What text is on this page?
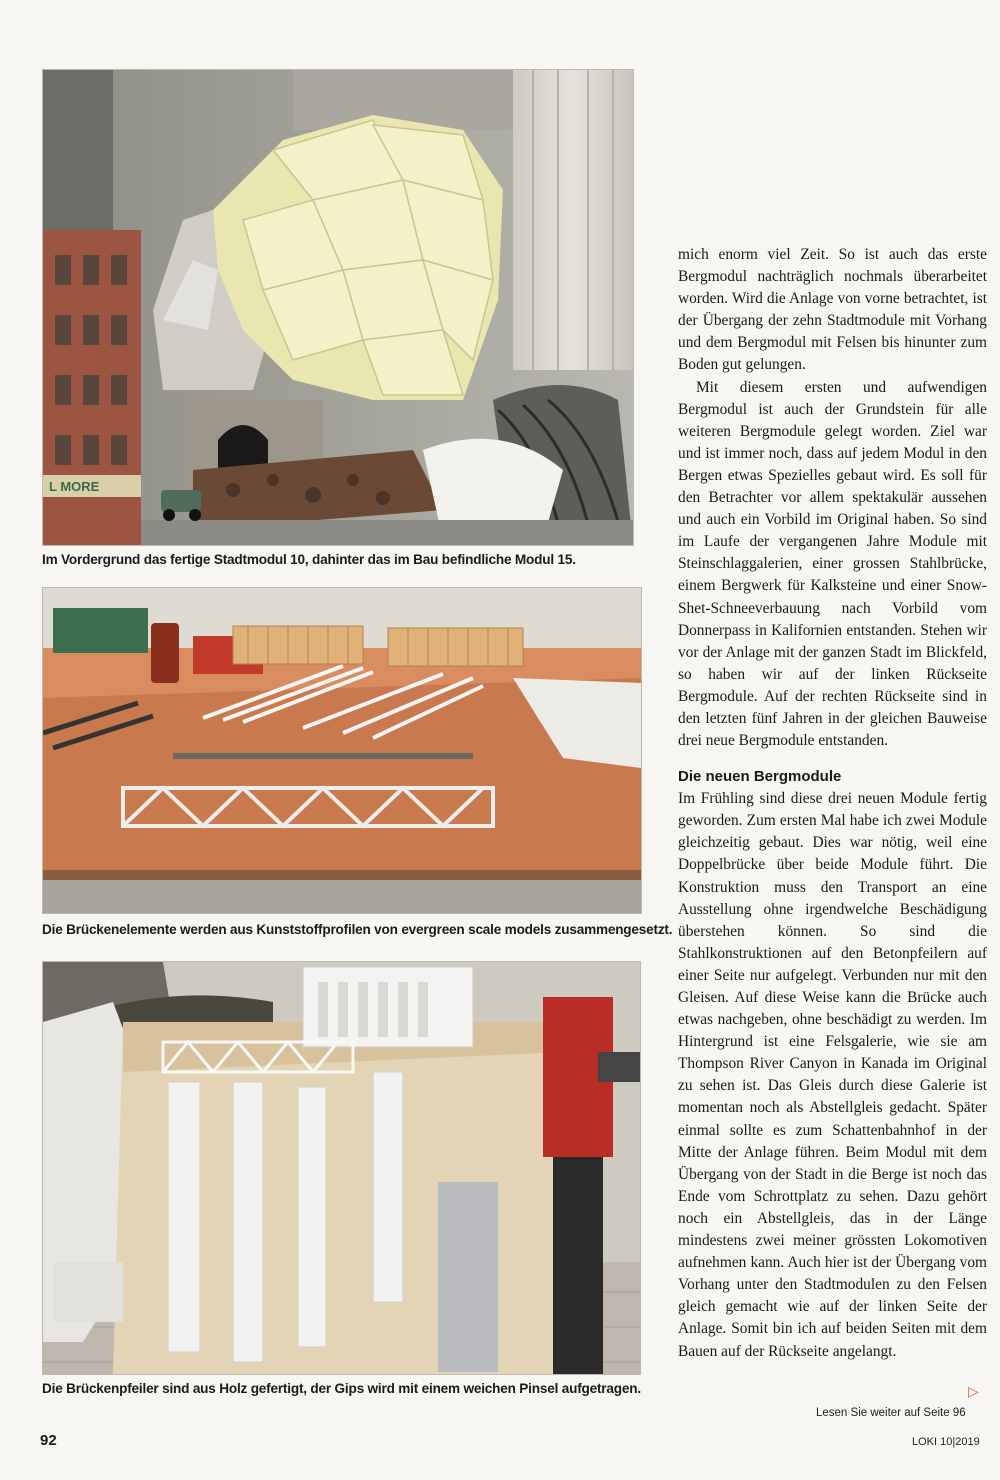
L MORE
Im Vordergrund das fertige Stadtmodul 10, dahinter das im Bau befindliche Modul 15.
Die Brückenelemente werden aus Kunststoffprofilen von evergreen scale models zusammengesetzt.
Die Brückenpfeiler sind aus Holz gefertigt, der Gips wird mit einem weichen Pinsel aufgetragen.

mich enorm viel Zeit. So ist auch das erste Bergmodul nachträglich nochmals überarbeitet worden. Wird die Anlage von vorne betrachtet, ist der Übergang der zehn Stadtmodule mit Vorhang und dem Bergmodul mit Felsen bis hinunter zum Boden gut gelungen.

Mit diesem ersten und aufwendigen Bergmodul ist auch der Grundstein für alle weiteren Bergmodule gelegt worden. Ziel war und ist immer noch, dass auf jedem Modul in den Bergen etwas Spezielles gebaut wird. Es soll für den Betrachter vor allem spektakulär aussehen und auch ein Vorbild im Original haben. So sind im Laufe der vergangenen Jahre Module mit Steinschlaggalerien, einer grossen Stahlbrücke, einem Bergwerk für Kalksteine und einer Snow-Shet-Schneeverbauung nach Vorbild vom Donnerpass in Kalifornien entstanden. Stehen wir vor der Anlage mit der ganzen Stadt im Blickfeld, so haben wir auf der linken Rückseite Bergmodule. Auf der rechten Rückseite sind in den letzten fünf Jahren in der gleichen Bauweise drei neue Bergmodule entstanden.

Die neuen Bergmodule

Im Frühling sind diese drei neuen Module fertig geworden. Zum ersten Mal habe ich zwei Module gleichzeitig gebaut. Dies war nötig, weil eine Doppelbrücke über beide Module führt. Die Konstruktion muss den Transport an eine Ausstellung ohne irgendwelche Beschädigung überstehen können. So sind die Stahlkonstruktionen auf den Betonpfeilern auf einer Seite nur aufgelegt. Verbunden nur mit den Gleisen. Auf diese Weise kann die Brücke auch etwas nachgeben, ohne beschädigt zu werden. Im Hintergrund ist eine Felsgalerie, wie sie am Thompson River Canyon in Kanada im Original zu sehen ist. Das Gleis durch diese Galerie ist momentan noch als Abstellgleis gedacht. Später einmal sollte es zum Schattenbahnhof in der Mitte der Anlage führen. Beim Modul mit dem Übergang von der Stadt in die Berge ist noch das Ende vom Schrottplatz zu sehen. Dazu gehört noch ein Abstellgleis, das in der Länge mindestens zwei meiner grössten Lokomotiven aufnehmen kann. Auch hier ist der Übergang vom Vorhang unter den Stadtmodulen zu den Felsen gleich gemacht wie auf der linken Seite der Anlage. Somit bin ich auf beiden Seiten mit dem Bauen auf der Rückseite angelangt.

▷
Lesen Sie weiter auf Seite 96
92	LOKI 10|2019
